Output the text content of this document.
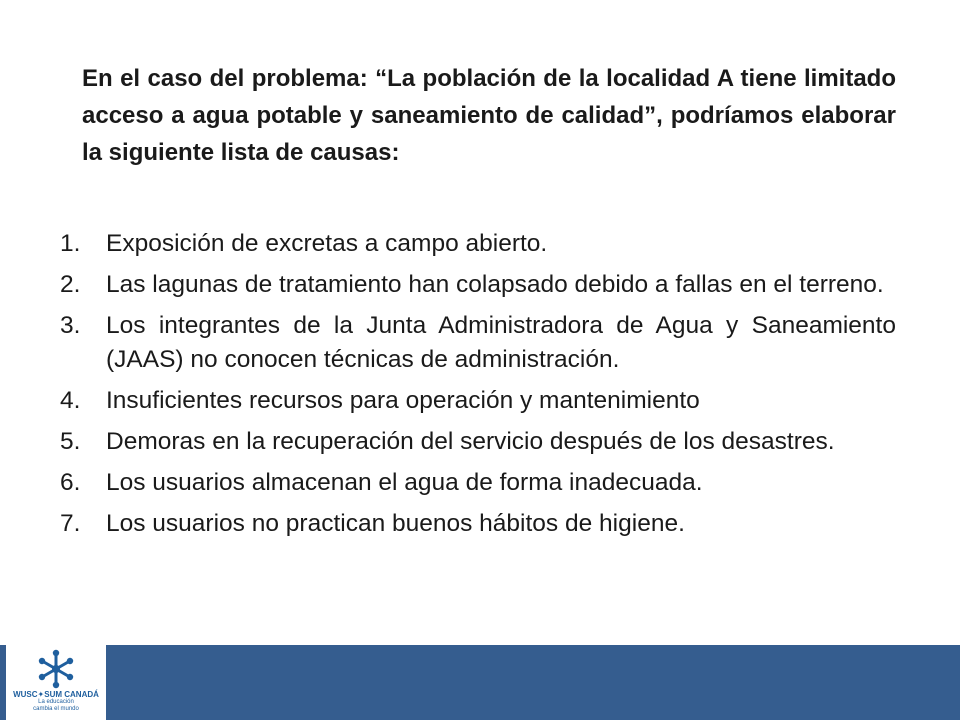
En el caso del problema: “La población de la localidad A tiene limitado acceso a agua potable y saneamiento de calidad”, podríamos elaborar la siguiente lista de causas:

1.	Exposición de excretas a campo abierto.
2.	Las lagunas de tratamiento han colapsado debido a fallas en el terreno.
3.	Los integrantes de la Junta Administradora de Agua y Saneamiento (JAAS) no conocen técnicas de administración.
4.	Insuficientes recursos para operación y mantenimiento
5.	Demoras en la recuperación del servicio después de los desastres.
6.	Los usuarios almacenan el agua de forma inadecuada.
7.	Los usuarios no practican buenos hábitos de higiene.
WUSC✦SUM CANADÁ
La educación
cambia el mundo
